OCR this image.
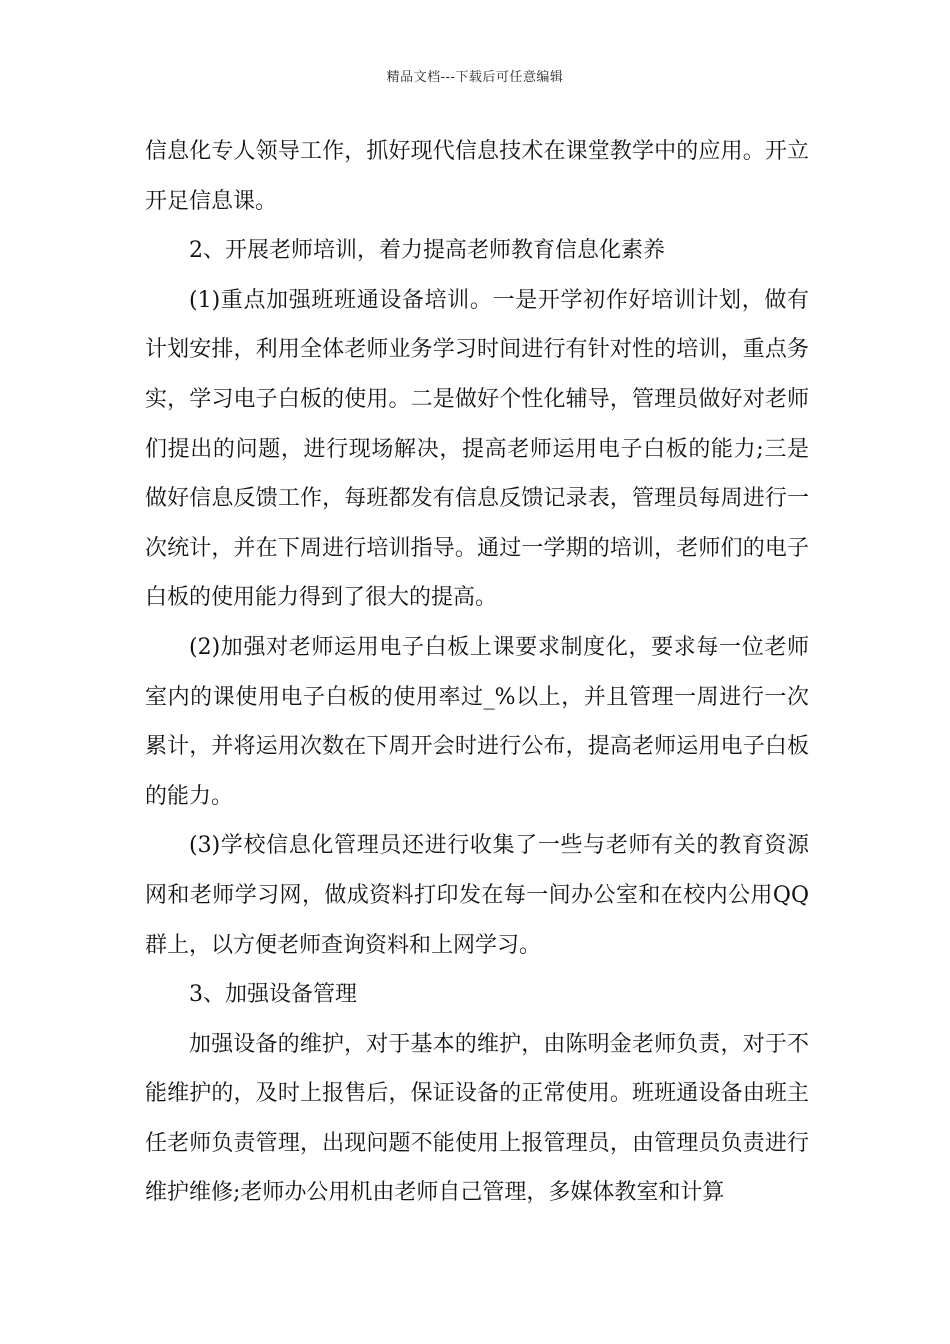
精品文档---下载后可任意编辑

信息化专人领导工作，抓好现代信息技术在课堂教学中的应用。开立开足信息课。

2、开展老师培训，着力提高老师教育信息化素养

(1)重点加强班班通设备培训。一是开学初作好培训计划，做有计划安排，利用全体老师业务学习时间进行有针对性的培训，重点务实，学习电子白板的使用。二是做好个性化辅导，管理员做好对老师们提出的问题，进行现场解决，提高老师运用电子白板的能力;三是做好信息反馈工作，每班都发有信息反馈记录表，管理员每周进行一次统计，并在下周进行培训指导。通过一学期的培训，老师们的电子白板的使用能力得到了很大的提高。

(2)加强对老师运用电子白板上课要求制度化，要求每一位老师室内的课使用电子白板的使用率过_%以上，并且管理一周进行一次累计，并将运用次数在下周开会时进行公布，提高老师运用电子白板的能力。

(3)学校信息化管理员还进行收集了一些与老师有关的教育资源网和老师学习网，做成资料打印发在每一间办公室和在校内公用QQ群上，以方便老师查询资料和上网学习。

3、加强设备管理

加强设备的维护，对于基本的维护，由陈明金老师负责，对于不能维护的，及时上报售后，保证设备的正常使用。班班通设备由班主任老师负责管理，出现问题不能使用上报管理员，由管理员负责进行维护维修;老师办公用机由老师自己管理，多媒体教室和计算
